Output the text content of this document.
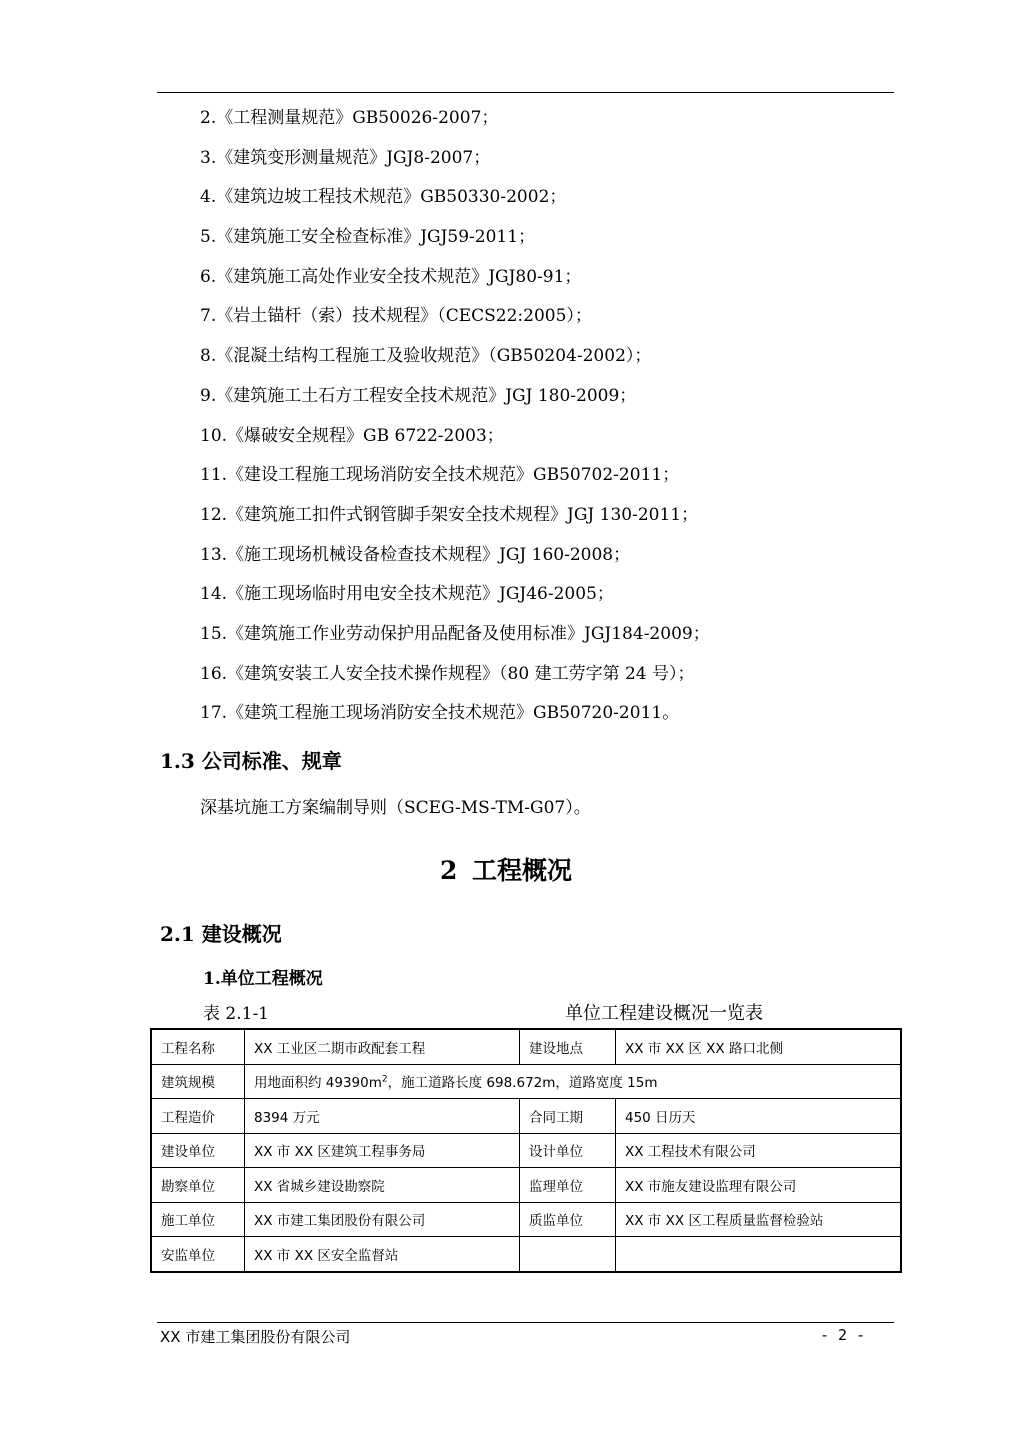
2.《工程测量规范》GB50026-2007；
3.《建筑变形测量规范》JGJ8-2007；
4.《建筑边坡工程技术规范》GB50330-2002；
5.《建筑施工安全检查标准》JGJ59-2011；
6.《建筑施工高处作业安全技术规范》JGJ80-91；
7.《岩土锚杆（索）技术规程》（CECS22:2005）；
8.《混凝土结构工程施工及验收规范》（GB50204-2002）；
9.《建筑施工土石方工程安全技术规范》JGJ 180-2009；
10.《爆破安全规程》GB 6722-2003；
11.《建设工程施工现场消防安全技术规范》GB50702-2011；
12.《建筑施工扣件式钢管脚手架安全技术规程》JGJ 130-2011；
13.《施工现场机械设备检查技术规程》JGJ 160-2008；
14.《施工现场临时用电安全技术规范》JGJ46-2005；
15.《建筑施工作业劳动保护用品配备及使用标准》JGJ184-2009；
16.《建筑安装工人安全技术操作规程》（80 建工劳字第 24 号）；
17.《建筑工程施工现场消防安全技术规范》GB50720-2011。
1.3 公司标准、规章
深基坑施工方案编制导则（SCEG-MS-TM-G07）。
2 工程概况
2.1 建设概况
1.单位工程概况
表 2.1-1	单位工程建设概况一览表
工程名称	XX 工业区二期市政配套工程	建设地点	XX 市 XX 区 XX 路口北侧
建筑规模	用地面积约 $49390m^2$，施工道路长度 698.672m，道路宽度 15m		
工程造价	8394 万元	合同工期	450 日历天
建设单位	XX 市 XX 区建筑工程事务局	设计单位	XX 工程技术有限公司
勘察单位	XX 省城乡建设勘察院	监理单位	XX 市施友建设监理有限公司
施工单位	XX 市建工集团股份有限公司	质监单位	XX 市 XX 区工程质量监督检验站
安监单位	XX 市 XX 区安全监督站		
XX 市建工集团股份有限公司	- 2 -
